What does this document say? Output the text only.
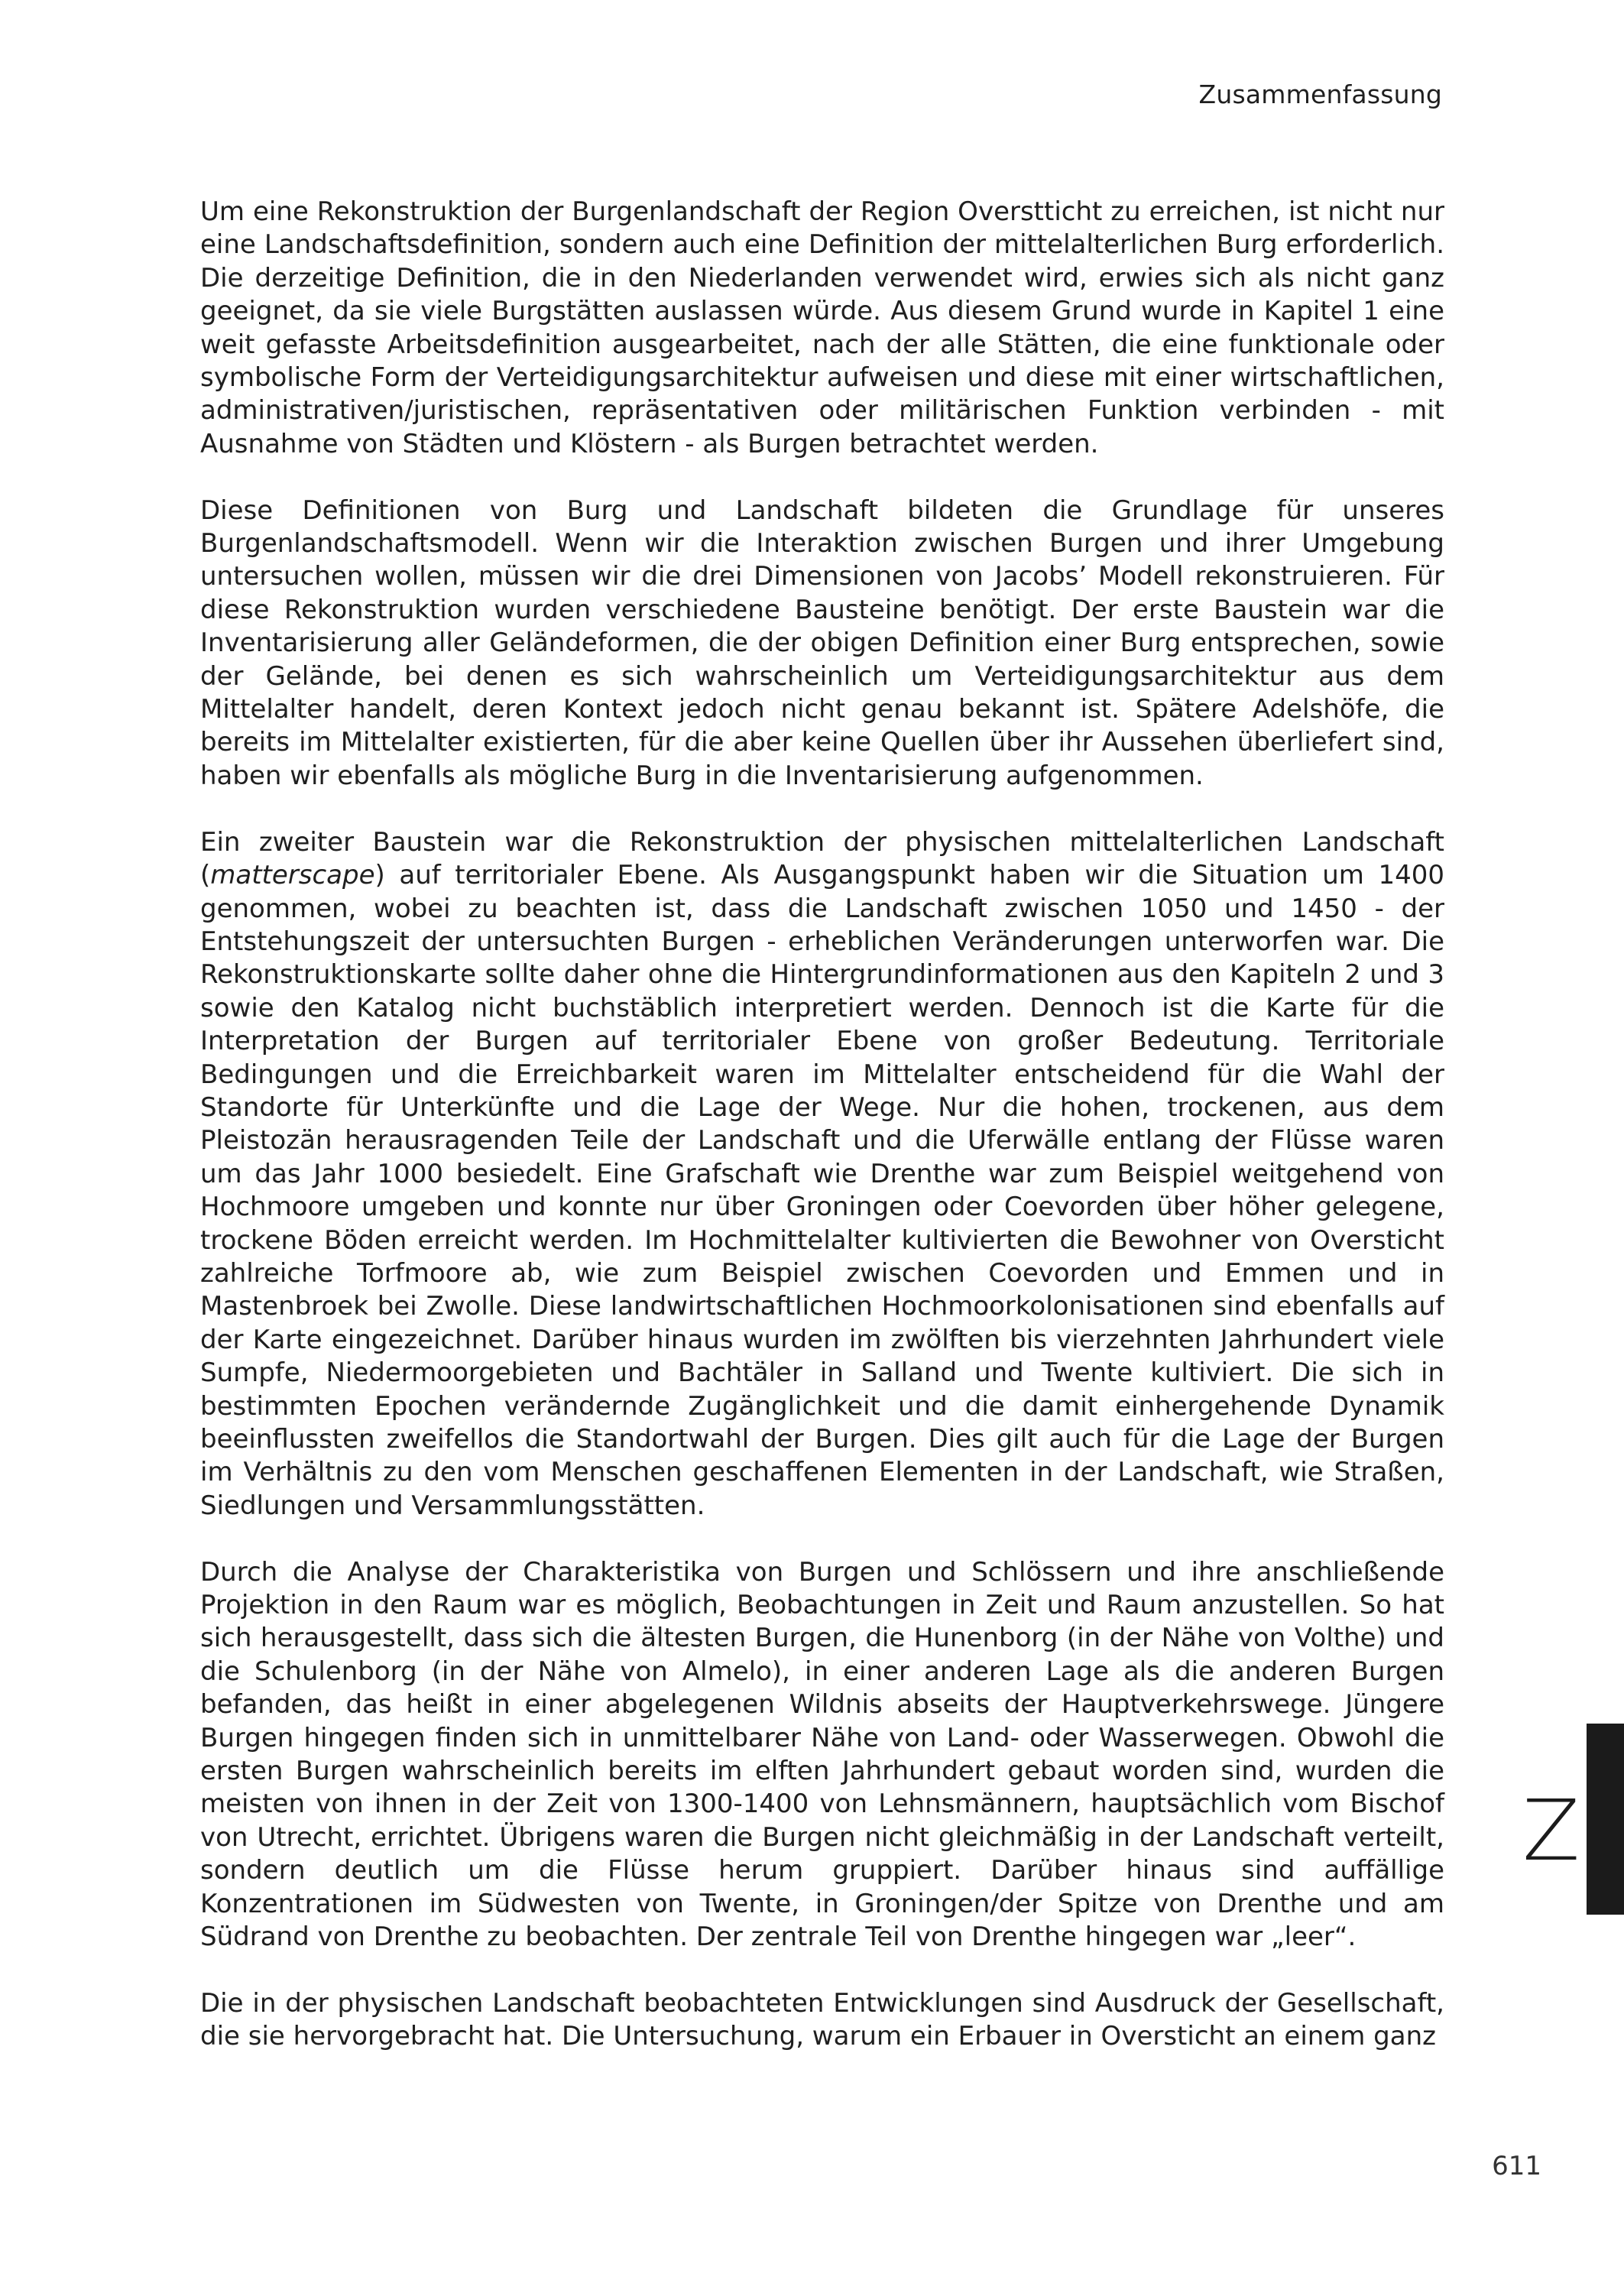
Zusammenfassung

Um eine Rekonstruktion der Burgenlandschaft der Region Overstticht zu erreichen, ist nicht nur eine Landschaftsdefinition, sondern auch eine Definition der mittelalterlichen Burg erforderlich. Die derzeitige Definition, die in den Niederlanden verwendet wird, erwies sich als nicht ganz geeignet, da sie viele Burgstätten auslassen würde. Aus diesem Grund wurde in Kapitel 1 eine weit gefasste Arbeitsdefinition ausgearbeitet, nach der alle Stätten, die eine funktionale oder symbolische Form der Verteidigungsarchitektur aufweisen und diese mit einer wirtschaftlichen, administrativen/juristischen, repräsentativen oder militärischen Funktion verbinden - mit Ausnahme von Städten und Klöstern - als Burgen betrachtet werden.

Diese Definitionen von Burg und Landschaft bildeten die Grundlage für unseres Burgenlandschaftsmodell. Wenn wir die Interaktion zwischen Burgen und ihrer Umgebung untersuchen wollen, müssen wir die drei Dimensionen von Jacobs’ Modell rekonstruieren. Für diese Rekonstruktion wurden verschiedene Bausteine benötigt. Der erste Baustein war die Inventarisierung aller Geländeformen, die der obigen Definition einer Burg entsprechen, sowie der Gelände, bei denen es sich wahrscheinlich um Verteidigungsarchitektur aus dem Mittelalter handelt, deren Kontext jedoch nicht genau bekannt ist. Spätere Adelshöfe, die bereits im Mittelalter existierten, für die aber keine Quellen über ihr Aussehen überliefert sind, haben wir ebenfalls als mögliche Burg in die Inventarisierung aufgenommen.

Ein zweiter Baustein war die Rekonstruktion der physischen mittelalterlichen Landschaft (matterscape) auf territorialer Ebene. Als Ausgangspunkt haben wir die Situation um 1400 genommen, wobei zu beachten ist, dass die Landschaft zwischen 1050 und 1450 - der Entstehungszeit der untersuchten Burgen - erheblichen Veränderungen unterworfen war. Die Rekonstruktionskarte sollte daher ohne die Hintergrundinformationen aus den Kapiteln 2 und 3 sowie den Katalog nicht buchstäblich interpretiert werden. Dennoch ist die Karte für die Interpretation der Burgen auf territorialer Ebene von großer Bedeutung. Territoriale Bedingungen und die Erreichbarkeit waren im Mittelalter entscheidend für die Wahl der Standorte für Unterkünfte und die Lage der Wege. Nur die hohen, trockenen, aus dem Pleistozän herausragenden Teile der Landschaft und die Uferwälle entlang der Flüsse waren um das Jahr 1000 besiedelt. Eine Grafschaft wie Drenthe war zum Beispiel weitgehend von Hochmoore umgeben und konnte nur über Groningen oder Coevorden über höher gelegene, trockene Böden erreicht werden. Im Hochmittelalter kultivierten die Bewohner von Oversticht zahlreiche Torfmoore ab, wie zum Beispiel zwischen Coevorden und Emmen und in Mastenbroek bei Zwolle. Diese landwirtschaftlichen Hochmoorkolonisationen sind ebenfalls auf der Karte eingezeichnet. Darüber hinaus wurden im zwölften bis vierzehnten Jahrhundert viele Sumpfe, Niedermoorgebieten und Bachtäler in Salland und Twente kultiviert. Die sich in bestimmten Epochen verändernde Zugänglichkeit und die damit einhergehende Dynamik beeinflussten zweifellos die Standortwahl der Burgen. Dies gilt auch für die Lage der Burgen im Verhältnis zu den vom Menschen geschaffenen Elementen in der Landschaft, wie Straßen, Siedlungen und Versammlungsstätten.

Durch die Analyse der Charakteristika von Burgen und Schlössern und ihre anschließende Projektion in den Raum war es möglich, Beobachtungen in Zeit und Raum anzustellen. So hat sich herausgestellt, dass sich die ältesten Burgen, die Hunenborg (in der Nähe von Volthe) und die Schulenborg (in der Nähe von Almelo), in einer anderen Lage als die anderen Burgen befanden, das heißt in einer abgelegenen Wildnis abseits der Hauptverkehrswege. Jüngere Burgen hingegen finden sich in unmittelbarer Nähe von Land- oder Wasserwegen. Obwohl die ersten Burgen wahrscheinlich bereits im elften Jahrhundert gebaut worden sind, wurden die meisten von ihnen in der Zeit von 1300-1400 von Lehnsmännern, hauptsächlich vom Bischof von Utrecht, errichtet. Übrigens waren die Burgen nicht gleichmäßig in der Landschaft verteilt, sondern deutlich um die Flüsse herum gruppiert. Darüber hinaus sind auffällige Konzentrationen im Südwesten von Twente, in Groningen/der Spitze von Drenthe und am Südrand von Drenthe zu beobachten. Der zentrale Teil von Drenthe hingegen war „leer“.

Die in der physischen Landschaft beobachteten Entwicklungen sind Ausdruck der Gesellschaft, die sie hervorgebracht hat. Die Untersuchung, warum ein Erbauer in Oversticht an einem ganz

Z
611
